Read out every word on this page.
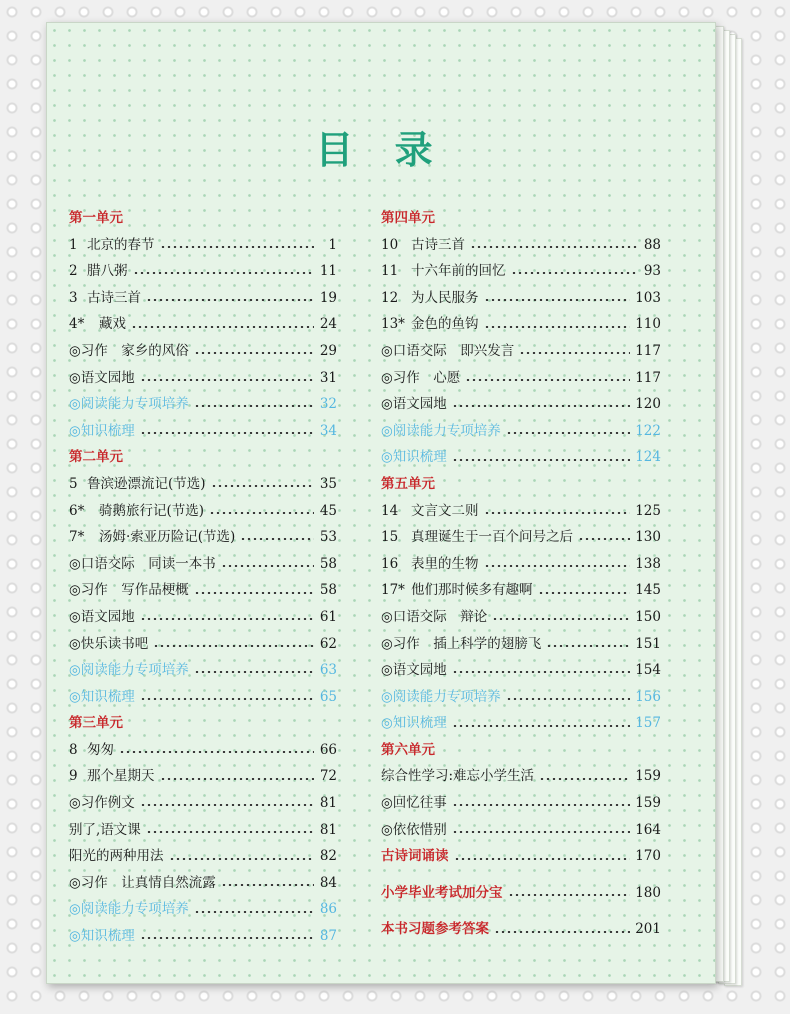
目 录
第一单元
1 北京的春节	1
2 腊八粥	11
3 古诗三首	19
4*	藏戏	24
◎习作　家乡的风俗	29
◎语文园地	31
◎阅读能力专项培养	32
◎知识梳理	34
第二单元
5 鲁滨逊漂流记(节选)	35
6*	骑鹅旅行记(节选)	45
7*	汤姆·索亚历险记(节选)	53
◎口语交际　同读一本书	58
◎习作　写作品梗概	58
◎语文园地	61
◎快乐读书吧	62
◎阅读能力专项培养	63
◎知识梳理	65
第三单元
8 匆匆	66
9 那个星期天	72
◎习作例文	81
别了,语文课	81
阳光的两种用法	82
◎习作　让真情自然流露	84
◎阅读能力专项培养	86
◎知识梳理	87
第四单元
10 古诗三首	88
11 十六年前的回忆	93
12 为人民服务	103
13* 金色的鱼钩	110
◎口语交际　即兴发言	117
◎习作　心愿	117
◎语文园地	120
◎阅读能力专项培养	122
◎知识梳理	124
第五单元
14 文言文二则	125
15 真理诞生于一百个问号之后	130
16 表里的生物	138
17* 他们那时候多有趣啊	145
◎口语交际　辩论	150
◎习作　插上科学的翅膀飞	151
◎语文园地	154
◎阅读能力专项培养	156
◎知识梳理	157
第六单元
综合性学习:难忘小学生活	159
◎回忆往事	159
◎依依惜别	164
古诗词诵读	170
小学毕业考试加分宝	180
本书习题参考答案	201
